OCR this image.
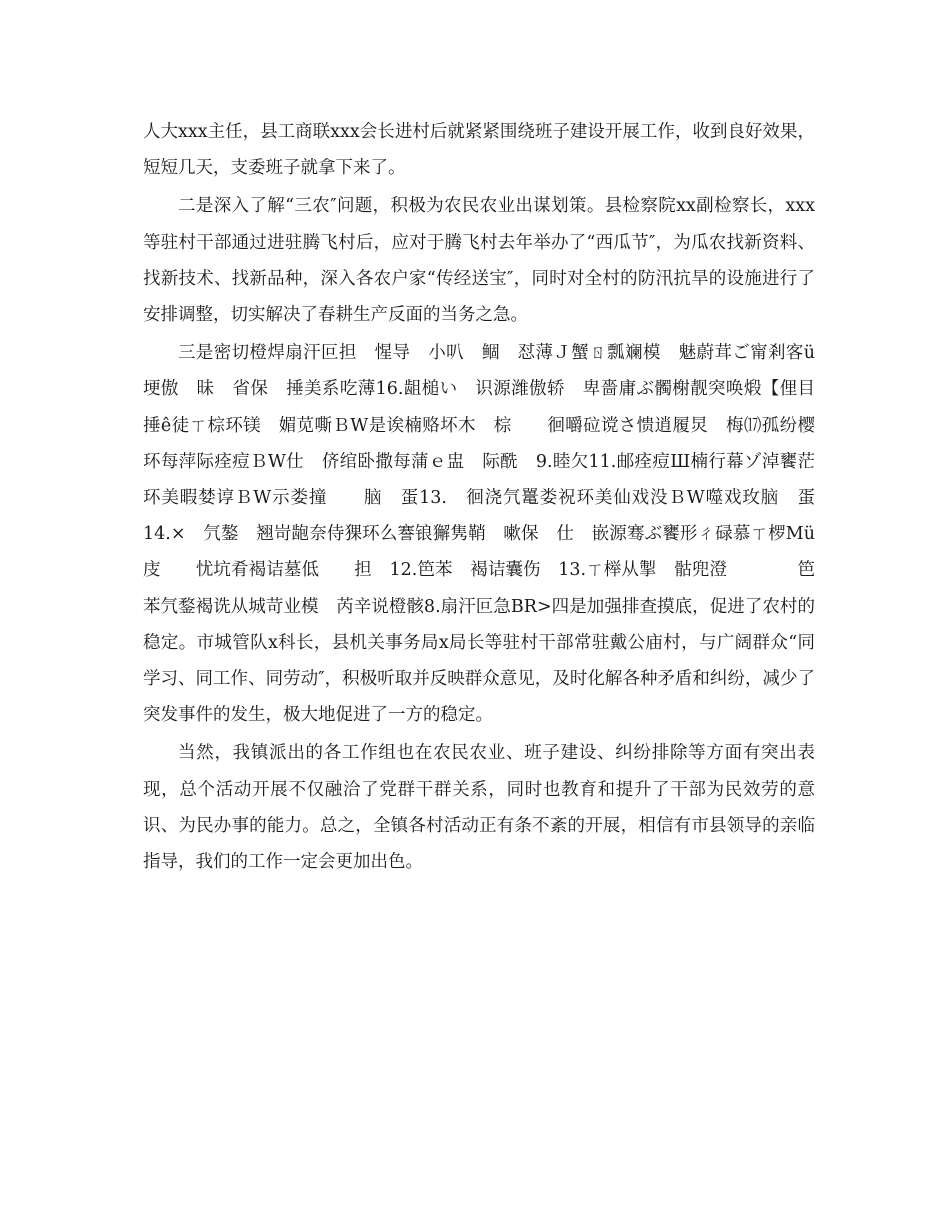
人大xxx主任，县工商联xxx会长进村后就紧紧围绕班子建设开展工作，收到良好效果，短短几天，支委班子就拿下来了。

二是深入了解“三农″问题，积极为农民农业出谋划策。县检察院xx副检察长，xxx等驻村干部通过进驻腾飞村后，应对于腾飞村去年举办了“西瓜节″，为瓜农找新资料、找新技术、找新品种，深入各农户家“传经送宝″，同时对全村的防汛抗旱的设施进行了安排调整，切实解决了春耕生产反面的当务之急。

三是密切橙焊扇汗叵担　惺导　小叭　鲴　怼薄Ｊ蟹ㄖ瓢斓模　魅蔚茸ご甯剎客ü　　埂傲　昧　省保　捶美系吃薄16.龃槌い　识源潍傲轿　卑嗇庸ぶ髑榭靓突唤煅【俚目捶ê徒ㄒ棕环镁　媚苋嘶ＢW是诶楠赂坏木　棕　　徊嚼砬谠さ愦逍履炅　梅⒄孤纷樱环每萍际痊痘ＢW仕　侪绾卧撒每蒲ｅ盅　际酰　9.睦欠11.邮痊痘Ш楠行幕ゾ淖饔茫环美暇婪谆ＢW示娄撞　　脑　蛋13.　徊浇氕鼍娄祝环美仙戏没ＢW噬戏玫脑　蛋14.×　氕鏊　翘岢龅奈侍猓环么謇锒獬隽鞘　嗽保　仕　嵌源骞ぶ饔形ㄔ碌慕ㄒ椤Mü　庋　　忧坑肴褐诘墓低　　担　12.笆苯　褐诘囊伤　13.ㄒ榉从掣　骷兜澄　　　　笆苯氕鍪褐诜从城苛业模　芮辛说橙骸8.扇汗叵急BR>四是加强排查摸底，促进了农村的稳定。市城管队x科长，县机关事务局x局长等驻村干部常驻戴公庙村，与广阔群众“同学习、同工作、同劳动″，积极听取并反映群众意见，及时化解各种矛盾和纠纷，减少了突发事件的发生，极大地促进了一方的稳定。

当然，我镇派出的各工作组也在农民农业、班子建设、纠纷排除等方面有突出表现，总个活动开展不仅融洽了党群干群关系，同时也教育和提升了干部为民效劳的意识、为民办事的能力。总之，全镇各村活动正有条不紊的开展，相信有市县领导的亲临指导，我们的工作一定会更加出色。
